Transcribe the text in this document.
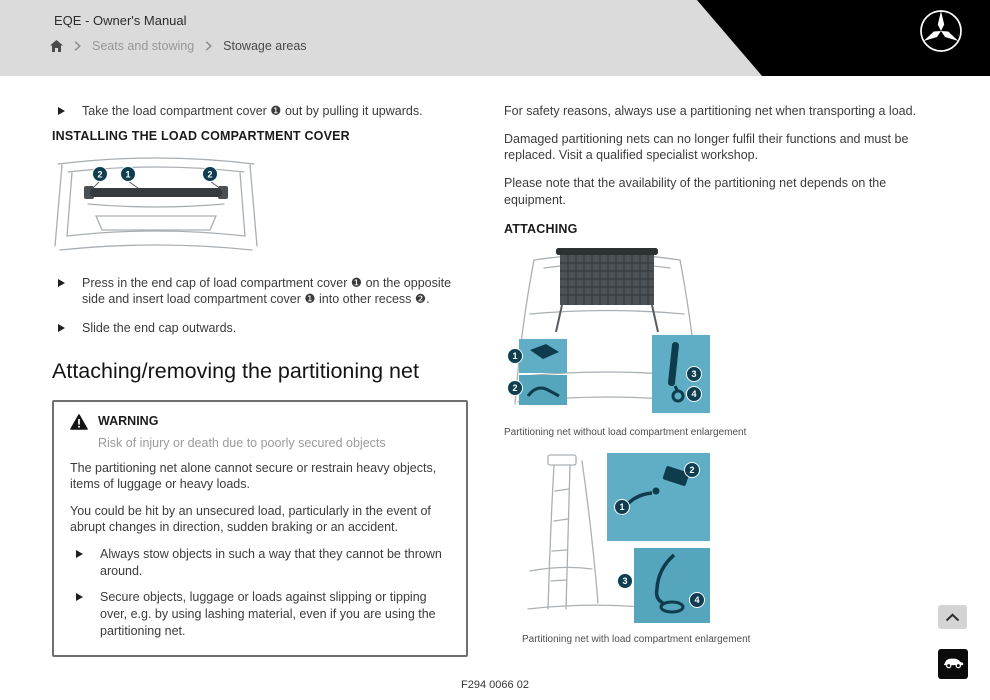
EQE - Owner's Manual
Seats and stowing Stowage areas

Take the load compartment cover ❶ out by pulling it upwards.

INSTALLING THE LOAD COMPARTMENT COVER
2	1	2

Press in the end cap of load compartment cover ❶ on the opposite side and insert load compartment cover ❶ into other recess ❷.

Slide the end cap outwards.

Attaching/removing the partitioning net
WARNING
Risk of injury or death due to poorly secured objects

The partitioning net alone cannot secure or restrain heavy objects, items of luggage or heavy loads.

You could be hit by an unsecured load, particularly in the event of abrupt changes in direction, sudden braking or an accident.

Always stow objects in such a way that they cannot be thrown around.

Secure objects, luggage or loads against slipping or tipping over, e.g. by using lashing material, even if you are using the partitioning net.

For safety reasons, always use a partitioning net when transporting a load.

Damaged partitioning nets can no longer fulfil their functions and must be replaced. Visit a qualified specialist workshop.

Please note that the availability of the partitioning net depends on the equipment.

ATTACHING
1
2
3
4
Partitioning net without load compartment enlargement
2
1
3
4
Partitioning net with load compartment enlargement
F294 0066 02
